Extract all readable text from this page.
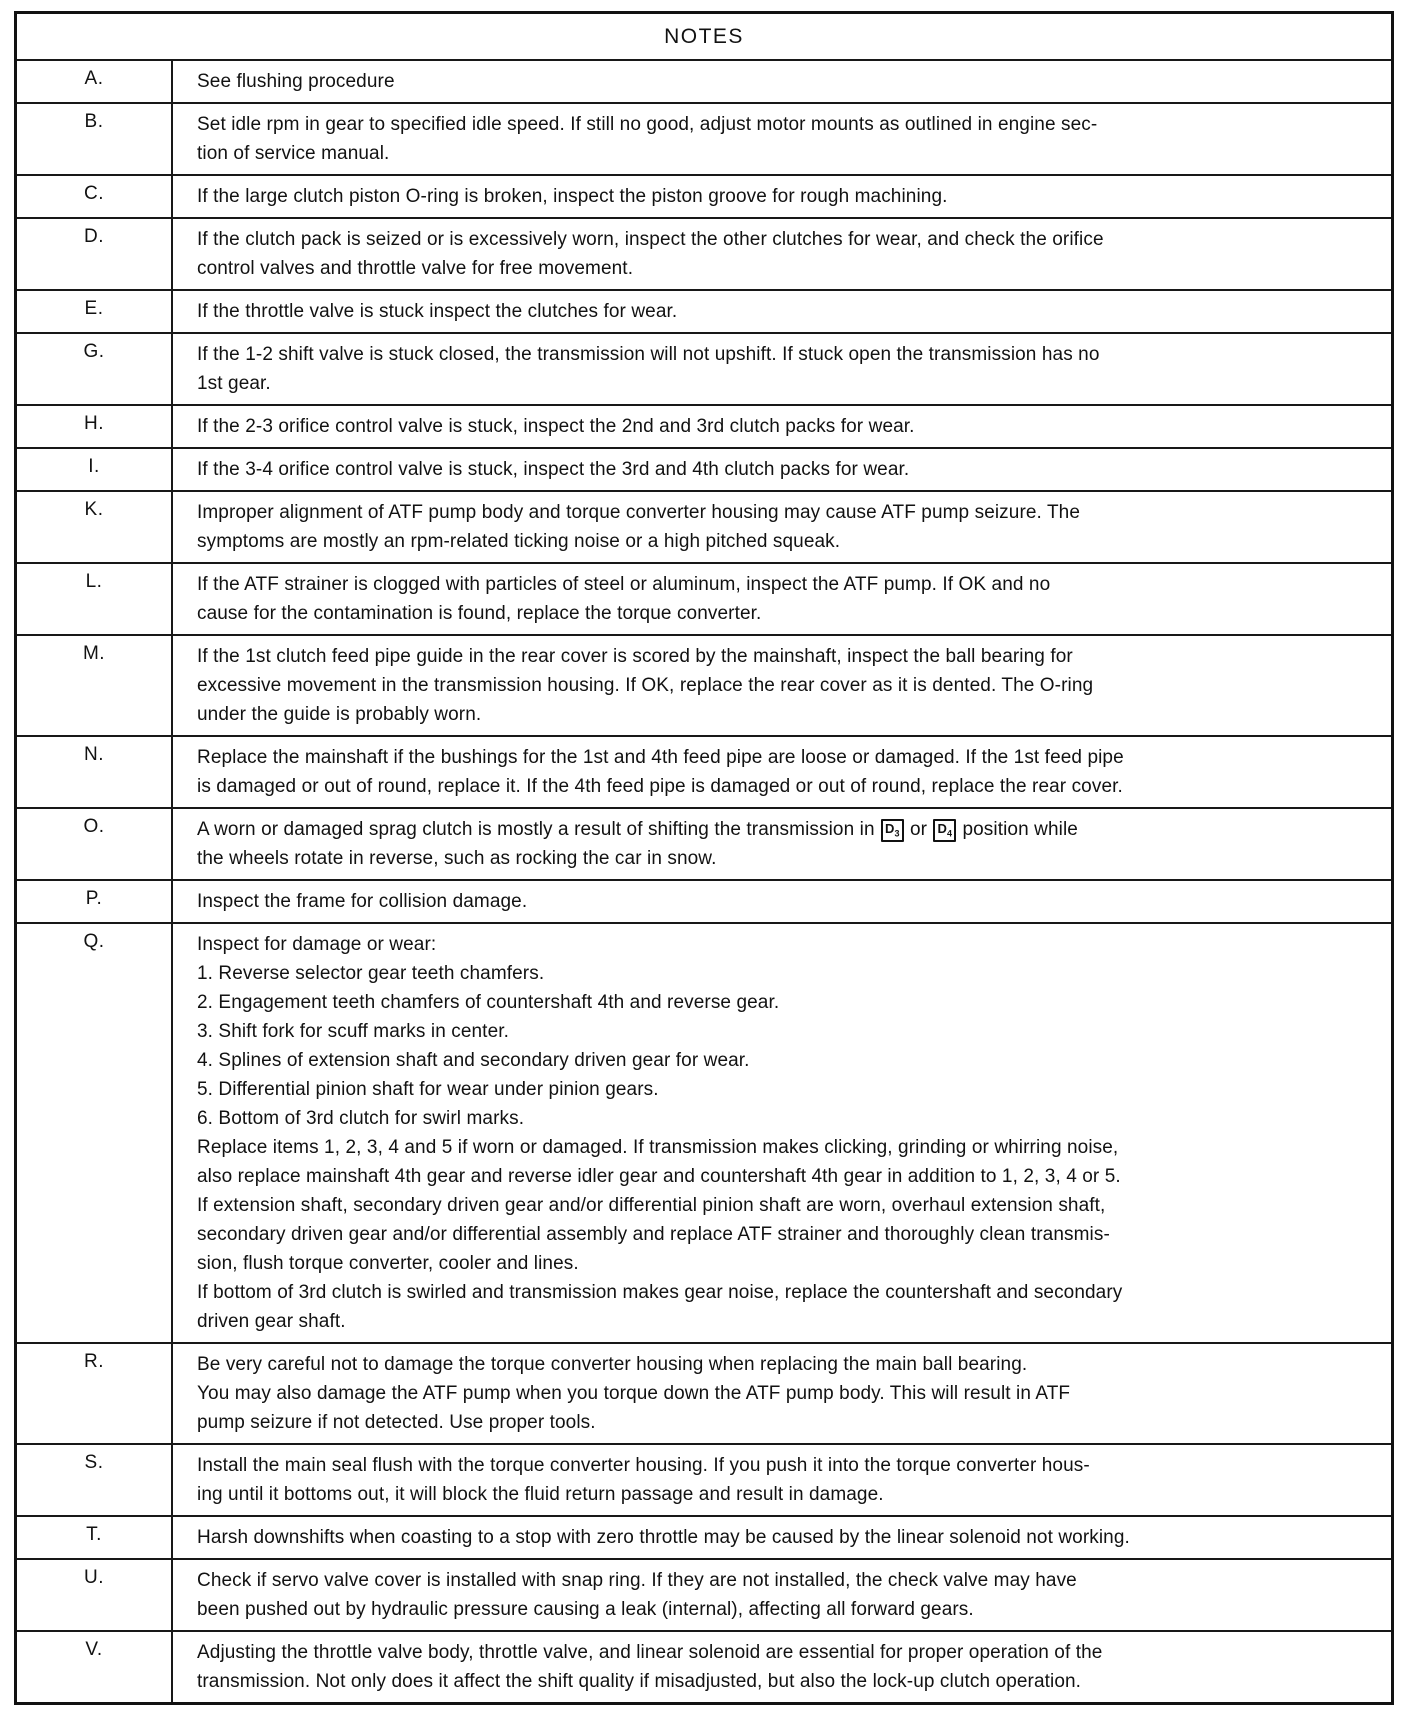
NOTES	
A.	See flushing procedure

B.	Set idle rpm in gear to specified idle speed. If still no good, adjust motor mounts as outlined in engine sec-
tion of service manual.

C.	If the large clutch piston O-ring is broken, inspect the piston groove for rough machining.

D.	If the clutch pack is seized or is excessively worn, inspect the other clutches for wear, and check the orifice
control valves and throttle valve for free movement.

E.	If the throttle valve is stuck inspect the clutches for wear.

G.	If the 1-2 shift valve is stuck closed, the transmission will not upshift. If stuck open the transmission has no
1st gear.

H.	If the 2-3 orifice control valve is stuck, inspect the 2nd and 3rd clutch packs for wear.

I.	If the 3-4 orifice control valve is stuck, inspect the 3rd and 4th clutch packs for wear.

K.	Improper alignment of ATF pump body and torque converter housing may cause ATF pump seizure. The
symptoms are mostly an rpm-related ticking noise or a high pitched squeak.

L.	If the ATF strainer is clogged with particles of steel or aluminum, inspect the ATF pump. If OK and no
cause for the contamination is found, replace the torque converter.

M.	If the 1st clutch feed pipe guide in the rear cover is scored by the mainshaft, inspect the ball bearing for
excessive movement in the transmission housing. If OK, replace the rear cover as it is dented. The O-ring
under the guide is probably worn.

N.	Replace the mainshaft if the bushings for the 1st and 4th feed pipe are loose or damaged. If the 1st feed pipe
is damaged or out of round, replace it. If the 4th feed pipe is damaged or out of round, replace the rear cover.

O.	A worn or damaged sprag clutch is mostly a result of shifting the transmission in $D_3$ or $D_4$ position while
the wheels rotate in reverse, such as rocking the car in snow.

P.	Inspect the frame for collision damage.

Q.	Inspect for damage or wear:
1. Reverse selector gear teeth chamfers.
2. Engagement teeth chamfers of countershaft 4th and reverse gear.
3. Shift fork for scuff marks in center.
4. Splines of extension shaft and secondary driven gear for wear.
5. Differential pinion shaft for wear under pinion gears.
6. Bottom of 3rd clutch for swirl marks.
Replace items 1, 2, 3, 4 and 5 if worn or damaged. If transmission makes clicking, grinding or whirring noise,
also replace mainshaft 4th gear and reverse idler gear and countershaft 4th gear in addition to 1, 2, 3, 4 or 5.
If extension shaft, secondary driven gear and/or differential pinion shaft are worn, overhaul extension shaft,
secondary driven gear and/or differential assembly and replace ATF strainer and thoroughly clean transmis-
sion, flush torque converter, cooler and lines.
If bottom of 3rd clutch is swirled and transmission makes gear noise, replace the countershaft and secondary
driven gear shaft.

R.	Be very careful not to damage the torque converter housing when replacing the main ball bearing.
You may also damage the ATF pump when you torque down the ATF pump body. This will result in ATF
pump seizure if not detected. Use proper tools.

S.	Install the main seal flush with the torque converter housing. If you push it into the torque converter hous-
ing until it bottoms out, it will block the fluid return passage and result in damage.

T.	Harsh downshifts when coasting to a stop with zero throttle may be caused by the linear solenoid not working.

U.	Check if servo valve cover is installed with snap ring. If they are not installed, the check valve may have
been pushed out by hydraulic pressure causing a leak (internal), affecting all forward gears.

V.	Adjusting the throttle valve body, throttle valve, and linear solenoid are essential for proper operation of the
transmission. Not only does it affect the shift quality if misadjusted, but also the lock-up clutch operation.
